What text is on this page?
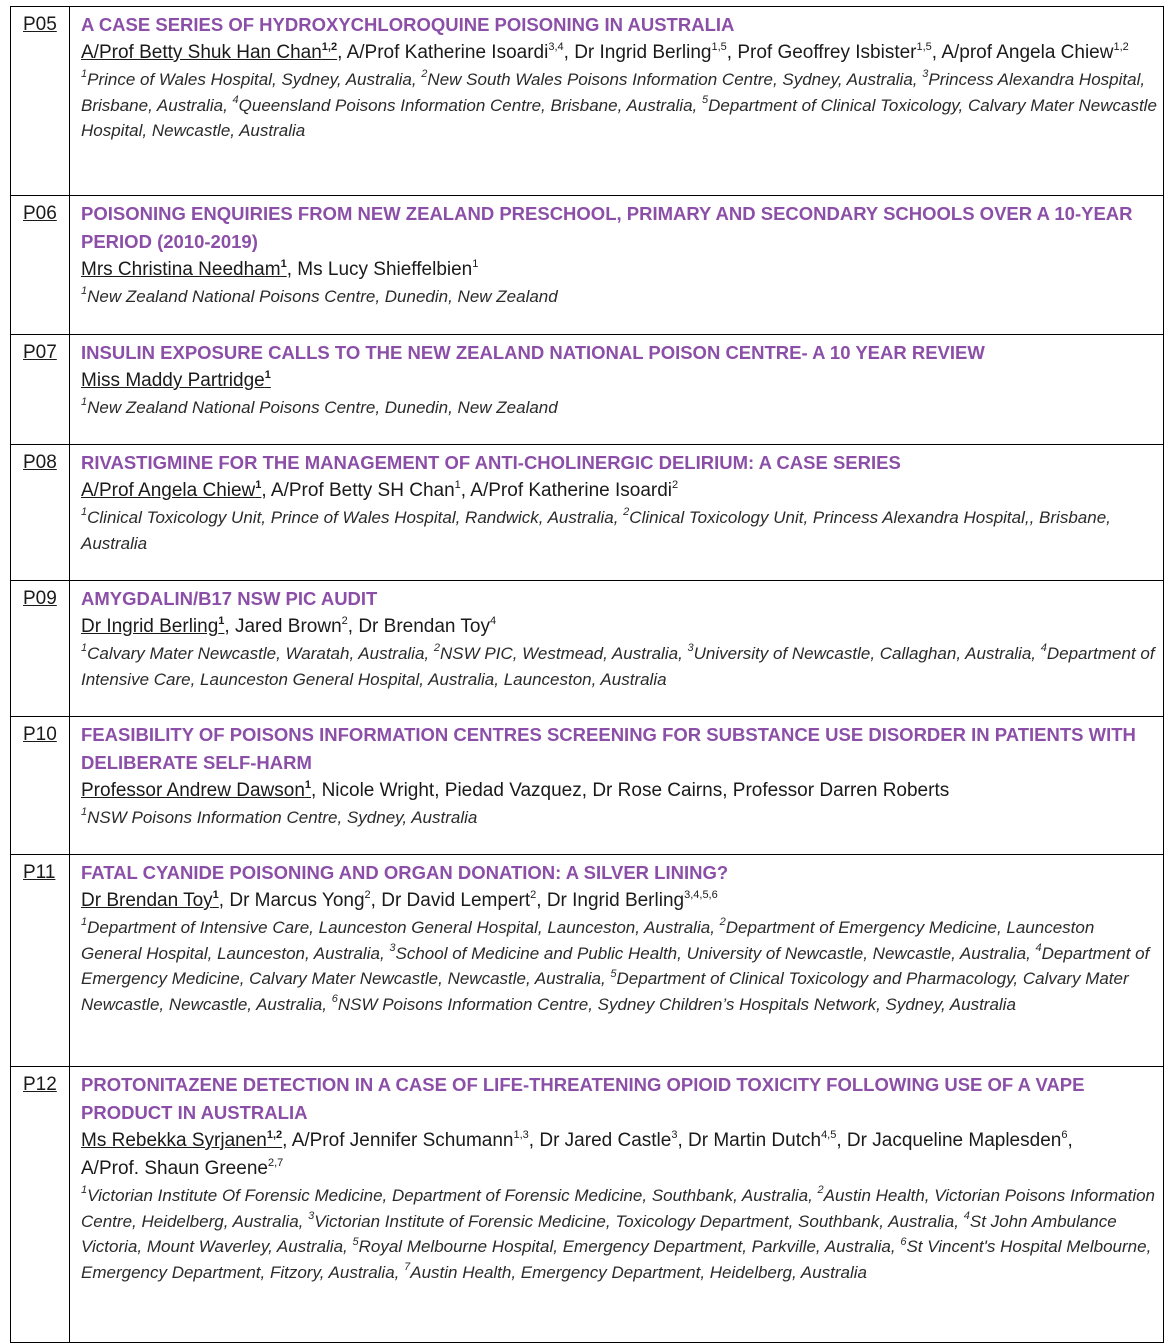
P05	A CASE SERIES OF HYDROXYCHLOROQUINE POISONING IN AUSTRALIA
A/Prof Betty Shuk Han Chan$^{1,2}$, A/Prof Katherine Isoardi$^{3,4}$, Dr Ingrid Berling$^{1,5}$, Prof Geoffrey Isbister$^{1,5}$, A/prof Angela Chiew$^{1,2}$
$^1$Prince of Wales Hospital, Sydney, Australia, $^2$New South Wales Poisons Information Centre, Sydney, Australia, $^3$Princess Alexandra Hospital, Brisbane, Australia, $^4$Queensland Poisons Information Centre, Brisbane, Australia, $^5$Department of Clinical Toxicology, Calvary Mater Newcastle Hospital, Newcastle, Australia

P06	POISONING ENQUIRIES FROM NEW ZEALAND PRESCHOOL, PRIMARY AND SECONDARY SCHOOLS OVER A 10-YEAR PERIOD (2010-2019)
Mrs Christina Needham$^1$, Ms Lucy Shieffelbien$^1$
$^1$New Zealand National Poisons Centre, Dunedin, New Zealand

P07	INSULIN EXPOSURE CALLS TO THE NEW ZEALAND NATIONAL POISON CENTRE- A 10 YEAR REVIEW
Miss Maddy Partridge$^1$
$^1$New Zealand National Poisons Centre, Dunedin, New Zealand

P08	RIVASTIGMINE FOR THE MANAGEMENT OF ANTI-CHOLINERGIC DELIRIUM: A CASE SERIES
A/Prof Angela Chiew$^1$, A/Prof Betty SH Chan$^1$, A/Prof Katherine Isoardi$^2$
$^1$Clinical Toxicology Unit, Prince of Wales Hospital, Randwick, Australia, $^2$Clinical Toxicology Unit, Princess Alexandra Hospital,, Brisbane, Australia

P09	AMYGDALIN/B17 NSW PIC AUDIT
Dr Ingrid Berling$^1$, Jared Brown$^2$, Dr Brendan Toy$^4$
$^1$Calvary Mater Newcastle, Waratah, Australia, $^2$NSW PIC, Westmead, Australia, $^3$University of Newcastle, Callaghan, Australia, $^4$Department of Intensive Care, Launceston General Hospital, Australia, Launceston, Australia

P10	FEASIBILITY OF POISONS INFORMATION CENTRES SCREENING FOR SUBSTANCE USE DISORDER IN PATIENTS WITH DELIBERATE SELF-HARM
Professor Andrew Dawson$^1$, Nicole Wright, Piedad Vazquez, Dr Rose Cairns, Professor Darren Roberts
$^1$NSW Poisons Information Centre, Sydney, Australia

P11	FATAL CYANIDE POISONING AND ORGAN DONATION: A SILVER LINING?
Dr Brendan Toy$^1$, Dr Marcus Yong$^2$, Dr David Lempert$^2$, Dr Ingrid Berling$^{3,4,5,6}$
$^1$Department of Intensive Care, Launceston General Hospital, Launceston, Australia, $^2$Department of Emergency Medicine, Launceston General Hospital, Launceston, Australia, $^3$School of Medicine and Public Health, University of Newcastle, Newcastle, Australia, $^4$Department of Emergency Medicine, Calvary Mater Newcastle, Newcastle, Australia, $^5$Department of Clinical Toxicology and Pharmacology, Calvary Mater Newcastle, Newcastle, Australia, $^6$NSW Poisons Information Centre, Sydney Children’s Hospitals Network, Sydney, Australia

P12	PROTONITAZENE DETECTION IN A CASE OF LIFE-THREATENING OPIOID TOXICITY FOLLOWING USE OF A VAPE PRODUCT IN AUSTRALIA
Ms Rebekka Syrjanen$^{1,2}$, A/Prof Jennifer Schumann$^{1,3}$, Dr Jared Castle$^3$, Dr Martin Dutch$^{4,5}$, Dr Jacqueline Maplesden$^6$, A/Prof. Shaun Greene$^{2,7}$
$^1$Victorian Institute Of Forensic Medicine, Department of Forensic Medicine, Southbank, Australia, $^2$Austin Health, Victorian Poisons Information Centre, Heidelberg, Australia, $^3$Victorian Institute of Forensic Medicine, Toxicology Department, Southbank, Australia, $^4$St John Ambulance Victoria, Mount Waverley, Australia, $^5$Royal Melbourne Hospital, Emergency Department, Parkville, Australia, $^6$St Vincent's Hospital Melbourne, Emergency Department, Fitzory, Australia, $^7$Austin Health, Emergency Department, Heidelberg, Australia
